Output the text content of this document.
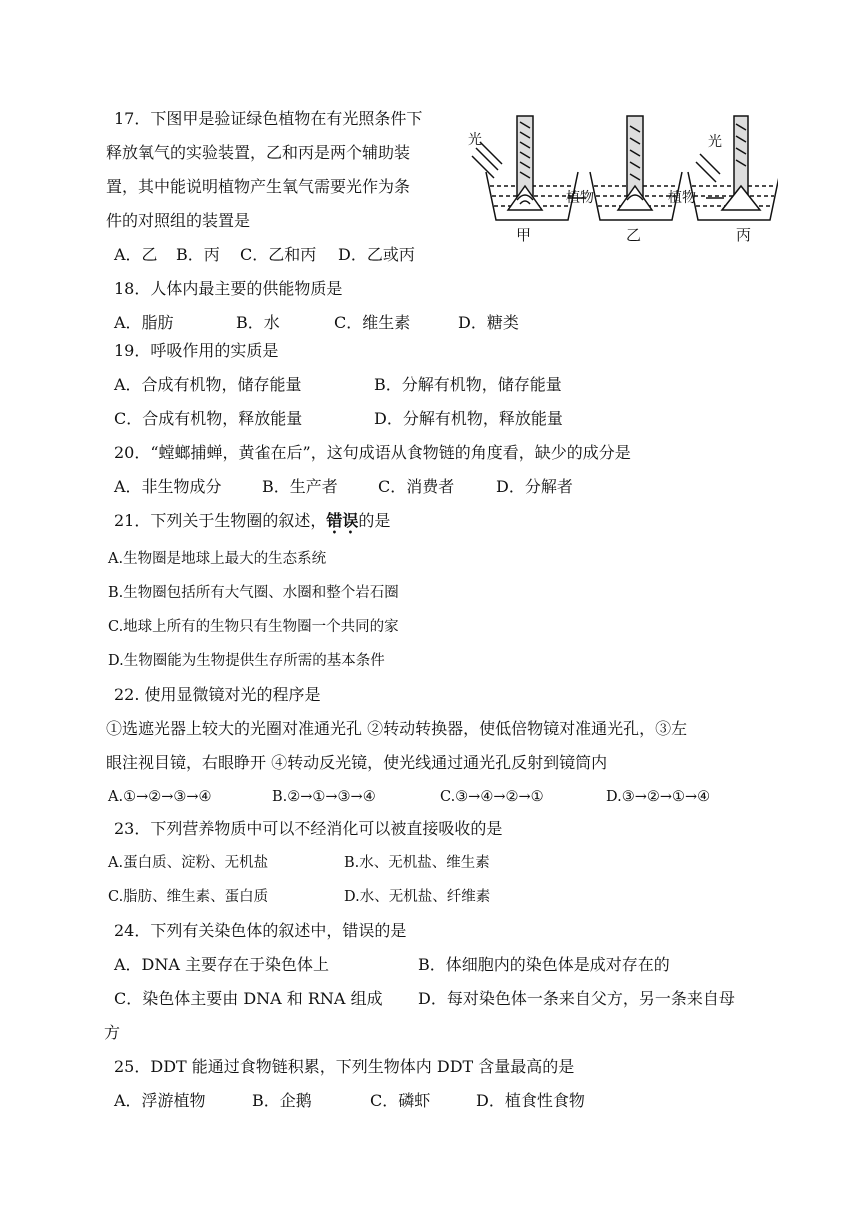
17．下图甲是验证绿色植物在有光照条件下
释放氧气的实验装置，乙和丙是两个辅助装
置，其中能说明植物产生氧气需要光作为条
件的对照组的装置是
A．乙 B．丙 C．乙和丙 D．乙或丙
光	光
植物	植物
甲	乙	丙
18．人体内最主要的供能物质是
A．脂肪	B．水	C．维生素	D．糖类
19．呼吸作用的实质是
A．合成有机物，储存能量	B．分解有机物，储存能量
C．合成有机物，释放能量	D．分解有机物，释放能量
20．“螳螂捕蝉，黄雀在后”，这句成语从食物链的角度看，缺少的成分是
A．非生物成分	B．生产者	C．消费者	D．分解者
21．下列关于生物圈的叙述，错误的是
A.生物圈是地球上最大的生态系统
B.生物圈包括所有大气圈、水圈和整个岩石圈
C.地球上所有的生物只有生物圈一个共同的家
D.生物圈能为生物提供生存所需的基本条件
22. 使用显微镜对光的程序是
①选遮光器上较大的光圈对准通光孔 ②转动转换器，使低倍物镜对准通光孔，③左
眼注视目镜，右眼睁开 ④转动反光镜，使光线通过通光孔反射到镜筒内
A.①→②→③→④	B.②→①→③→④	C.③→④→②→①	D.③→②→①→④
23．下列营养物质中可以不经消化可以被直接吸收的是
A.蛋白质、淀粉、无机盐	B.水、无机盐、维生素
C.脂肪、维生素、蛋白质	D.水、无机盐、纤维素
24．下列有关染色体的叙述中，错误的是
A．DNA 主要存在于染色体上	B．体细胞内的染色体是成对存在的
C．染色体主要由 DNA 和 RNA 组成 D．每对染色体一条来自父方，另一条来自母
方
25．DDT 能通过食物链积累，下列生物体内 DDT 含量最高的是
A．浮游植物	B．企鹅	C．磷虾	D．植食性食物
